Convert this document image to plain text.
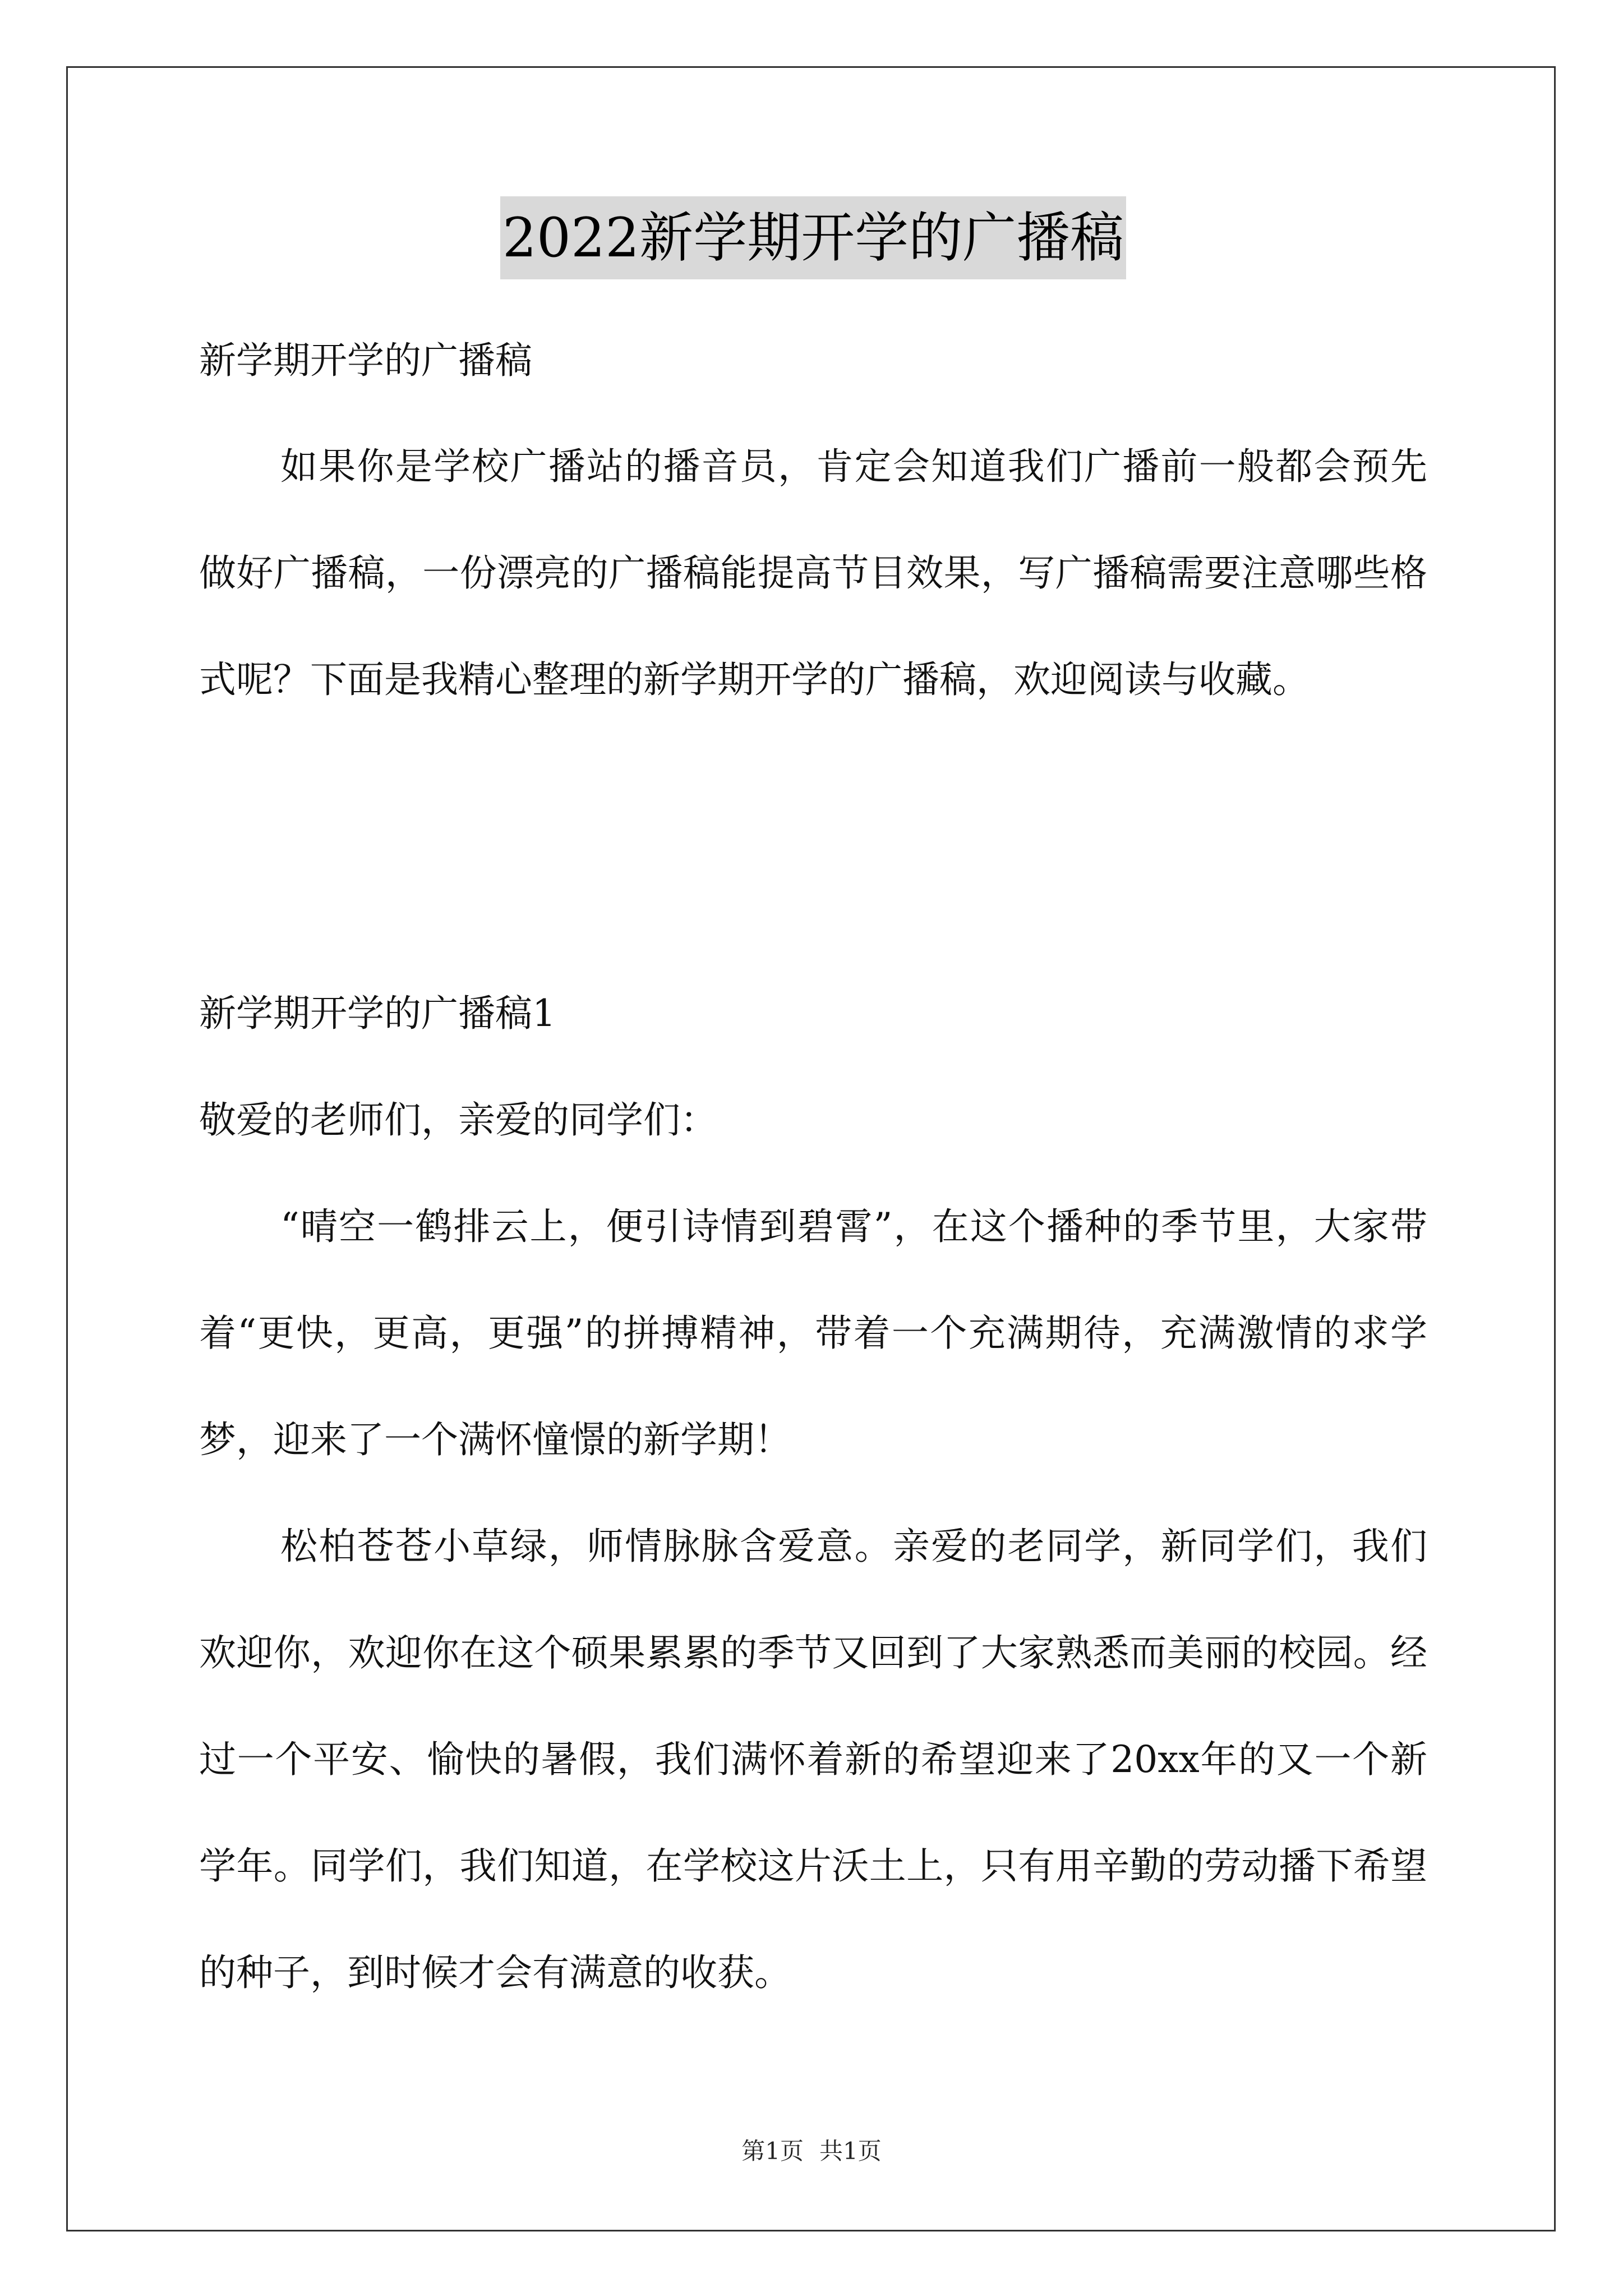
2022新学期开学的广播稿

新学期开学的广播稿

如果你是学校广播站的播音员，肯定会知道我们广播前一般都会预先做好广播稿，一份漂亮的广播稿能提高节目效果，写广播稿需要注意哪些格式呢？下面是我精心整理的新学期开学的广播稿，欢迎阅读与收藏。

新学期开学的广播稿1

敬爱的老师们，亲爱的同学们：

“晴空一鹤排云上，便引诗情到碧霄”，在这个播种的季节里，大家带着“更快，更高，更强”的拼搏精神，带着一个充满期待，充满激情的求学梦，迎来了一个满怀憧憬的新学期！

松柏苍苍小草绿，师情脉脉含爱意。亲爱的老同学，新同学们，我们欢迎你，欢迎你在这个硕果累累的季节又回到了大家熟悉而美丽的校园。经过一个平安、愉快的暑假，我们满怀着新的希望迎来了20xx年的又一个新学年。同学们，我们知道，在学校这片沃土上，只有用辛勤的劳动播下希望的种子，到时候才会有满意的收获。

第1页 共1页
